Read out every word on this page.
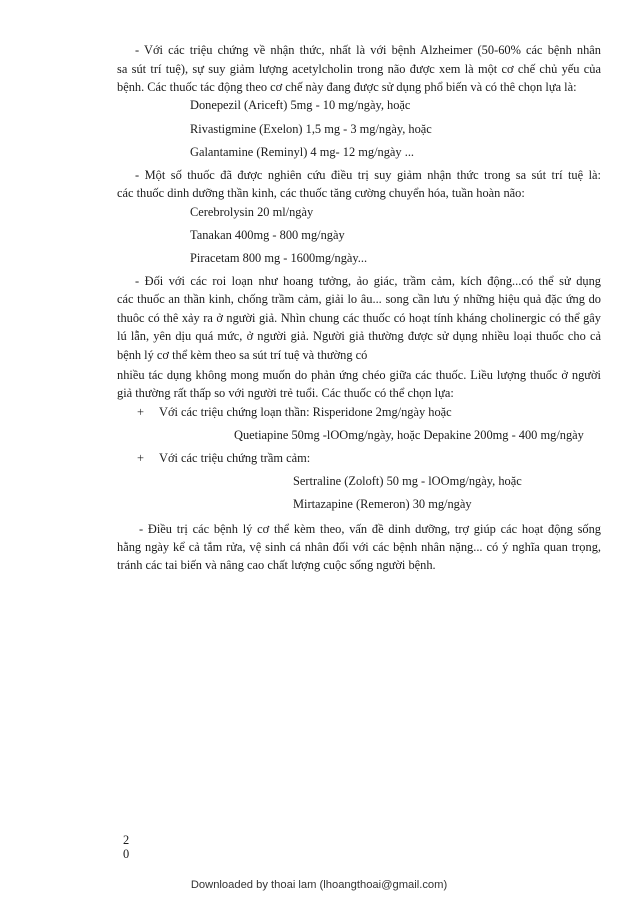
- Với các triệu chứng về nhận thức, nhất là với bệnh Alzheimer (50-60% các bệnh nhân
sa sút trí tuệ), sự suy giảm lượng acetylcholin trong não được xem là một cơ chế chủ yếu của
bệnh. Các thuốc tác động theo cơ chế này đang được sử dụng phổ biến và có thê chọn lựa là:
Donepezil (Ariceft) 5mg - 10 mg/ngày, hoặc
Rivastigmine (Exelon) 1,5 mg - 3 mg/ngày, hoặc
Galantamine (Reminyl) 4 mg- 12 mg/ngày ...
- Một số thuốc đã được nghiên cứu điều trị suy giảm nhận thức trong sa sút trí tuệ là:
các thuốc dinh dưỡng thần kinh, các thuốc tăng cường chuyển hóa, tuần hoàn não:
Cerebrolysin 20 ml/ngày
Tanakan 400mg - 800 mg/ngày
Piracetam 800 mg - 1600mg/ngày...
- Đối với các roi loạn như hoang tưởng, ảo giác, trầm cảm, kích động...có thể sử dụng
các thuốc an thần kinh, chống trầm cảm, giải lo âu... song cần lưu ý những hiệu quả đặc ứng do
thuôc có thê xảy ra ở người giả. Nhìn chung các thuốc có hoạt tính kháng cholinergic có thể gây
lú lẫn, yên dịu quá mức, ở người giả. Người giả thường được sử dụng nhiều loại thuốc cho cả
bệnh lý cơ thể kèm theo sa sút trí tuệ và thường có
nhiều tác dụng không mong muốn do phản ứng chéo giữa các thuốc. Liều lượng thuốc ở người
giả thường rất thấp so với người trẻ tuổi. Các thuốc có thể chọn lựa:
+ Với các triệu chứng loạn thần: Risperidone 2mg/ngày hoặc
Quetiapine 50mg -lOOmg/ngày, hoặc Depakine 200mg - 400 mg/ngày
+ Với các triệu chứng trầm cảm:
Sertraline (Zoloft) 50 mg - lOOmg/ngày, hoặc
Mirtazapine (Remeron) 30 mg/ngày
- Điều trị các bệnh lý cơ thể kèm theo, vấn đề dinh dưỡng, trợ giúp các hoạt động sống
hằng ngày kể cả tắm rửa, vệ sinh cá nhân đối với các bệnh nhân nặng... có ý nghĩa quan trọng,
tránh các tai biến và nâng cao chất lượng cuộc sống người bệnh.
2
0
Downloaded by thoai lam (lhoangthoai@gmail.com)
